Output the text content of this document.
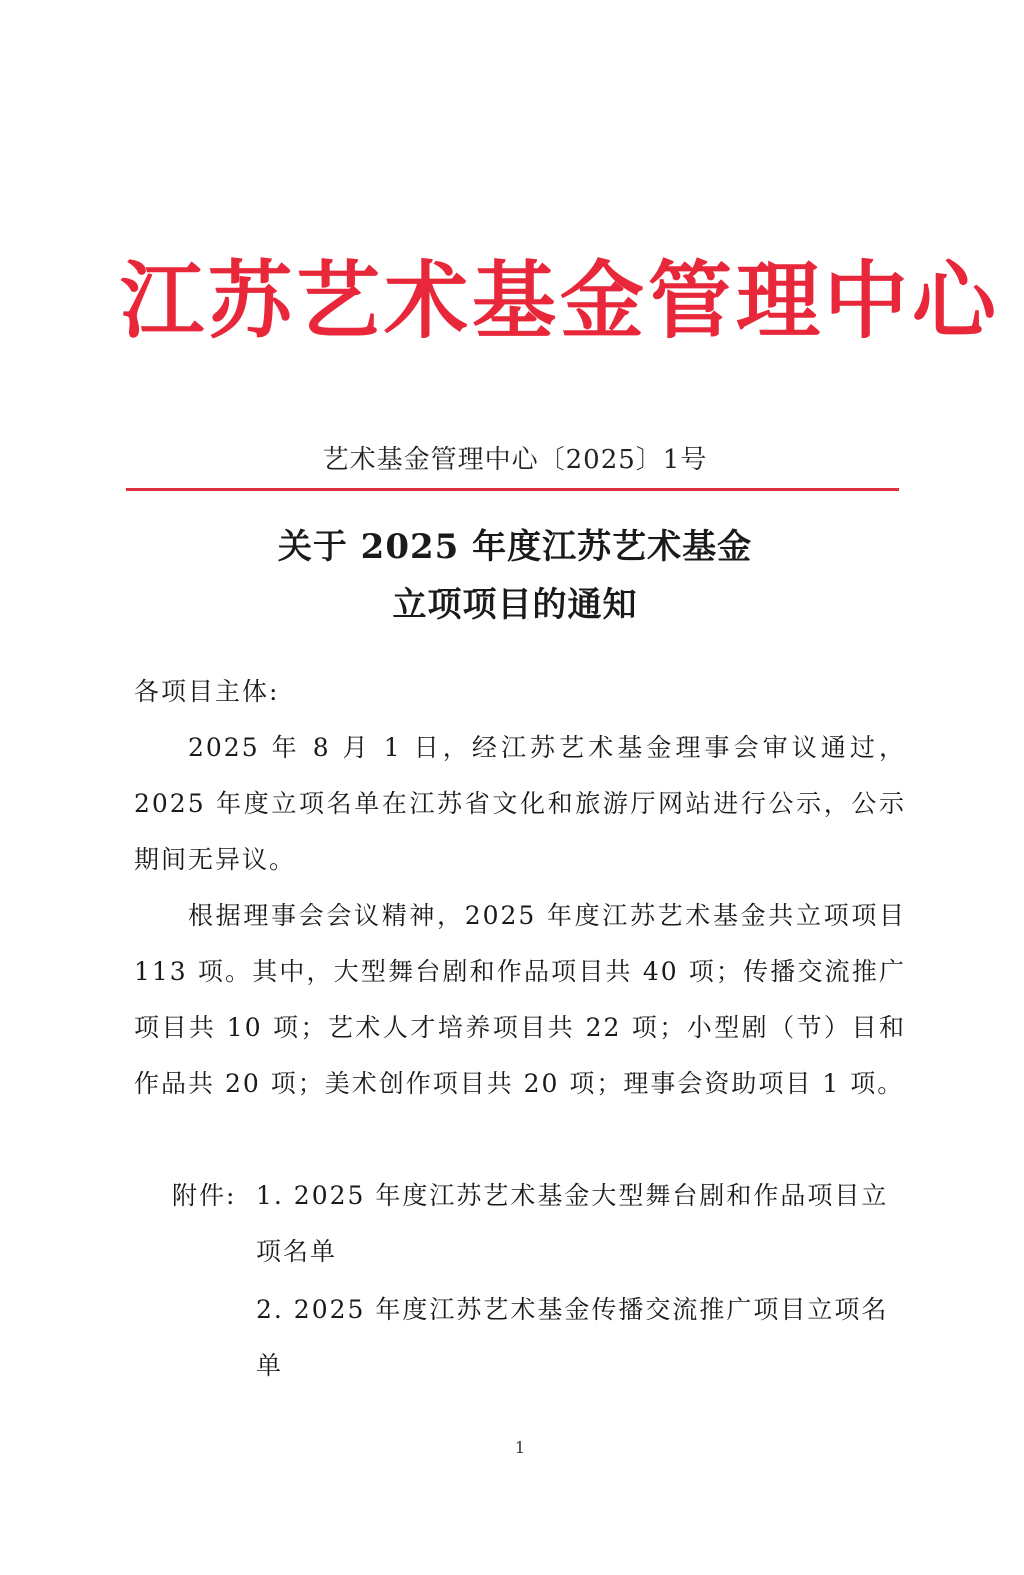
江苏艺术基金管理中心
艺术基金管理中心〔2025〕1号
关于 2025 年度江苏艺术基金
立项项目的通知
各项目主体:
2025 年 8 月 1 日，经江苏艺术基金理事会审议通过，2025 年度立项名单在江苏省文化和旅游厅网站进行公示，公示期间无异议。
根据理事会会议精神，2025 年度江苏艺术基金共立项项目 113 项。其中，大型舞台剧和作品项目共 40 项；传播交流推广项目共 10 项；艺术人才培养项目共 22 项；小型剧（节）目和作品共 20 项；美术创作项目共 20 项；理事会资助项目 1 项。
附件: 1. 2025 年度江苏艺术基金大型舞台剧和作品项目立项名单
2. 2025 年度江苏艺术基金传播交流推广项目立项名单
1
